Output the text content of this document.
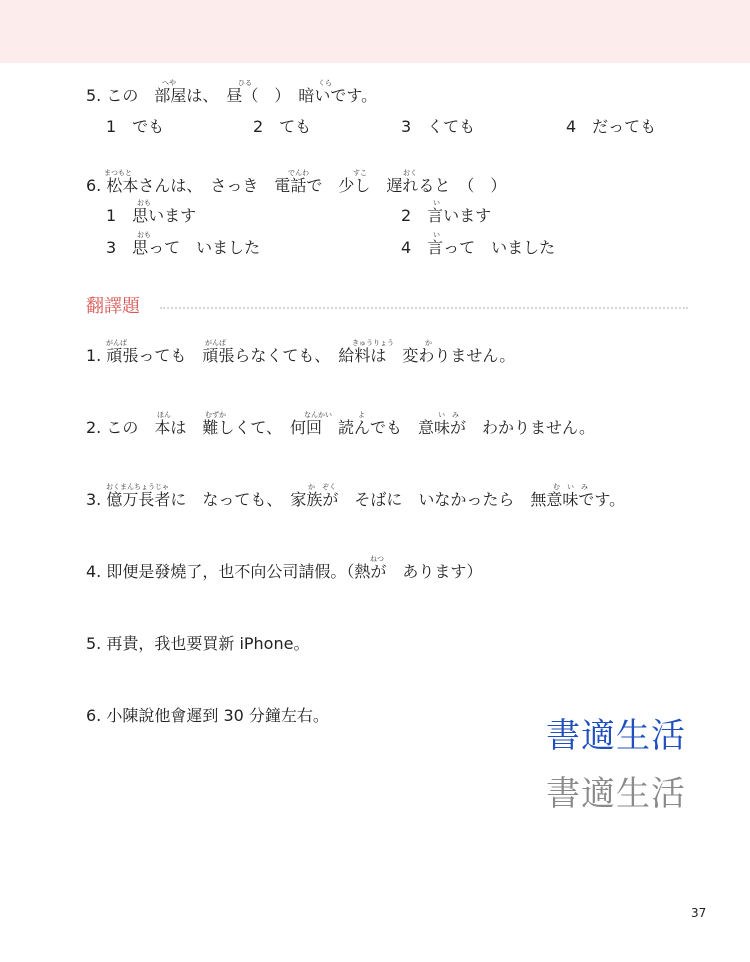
へや	ひる	くら
5. この　部屋は、　昼（　）　暗いです。
1　でも	2　ても	3　くても	4　だっても
まつもと	でんわ	すこ	おく
6. 松本さんは、　さっき　電話で　少し　遅れると　（　）
おも	い
1　思います	2　言います
おも	い
3　思って　いました	4　言って　いました
翻譯題
がんば	がんば	きゅうりょう	か
1. 頑張っても　頑張らなくても、　給料は　変わりません。
ほん	むずか	なんかい	よ	い　み
2. この　本は　難しくて、　何回　読んでも　意味が　わかりません。
おくまんちょうじゃ	か　ぞく	む　い　み
3. 億万長者に　なっても、　家族が　そばに　いなかったら　無意味です。
ねつ
4. 即便是發燒了，也不向公司請假。（熱が　あります）
5. 再貴，我也要買新 iPhone。
6. 小陳說他會遲到 30 分鐘左右。
書適生活
書適生活
37
